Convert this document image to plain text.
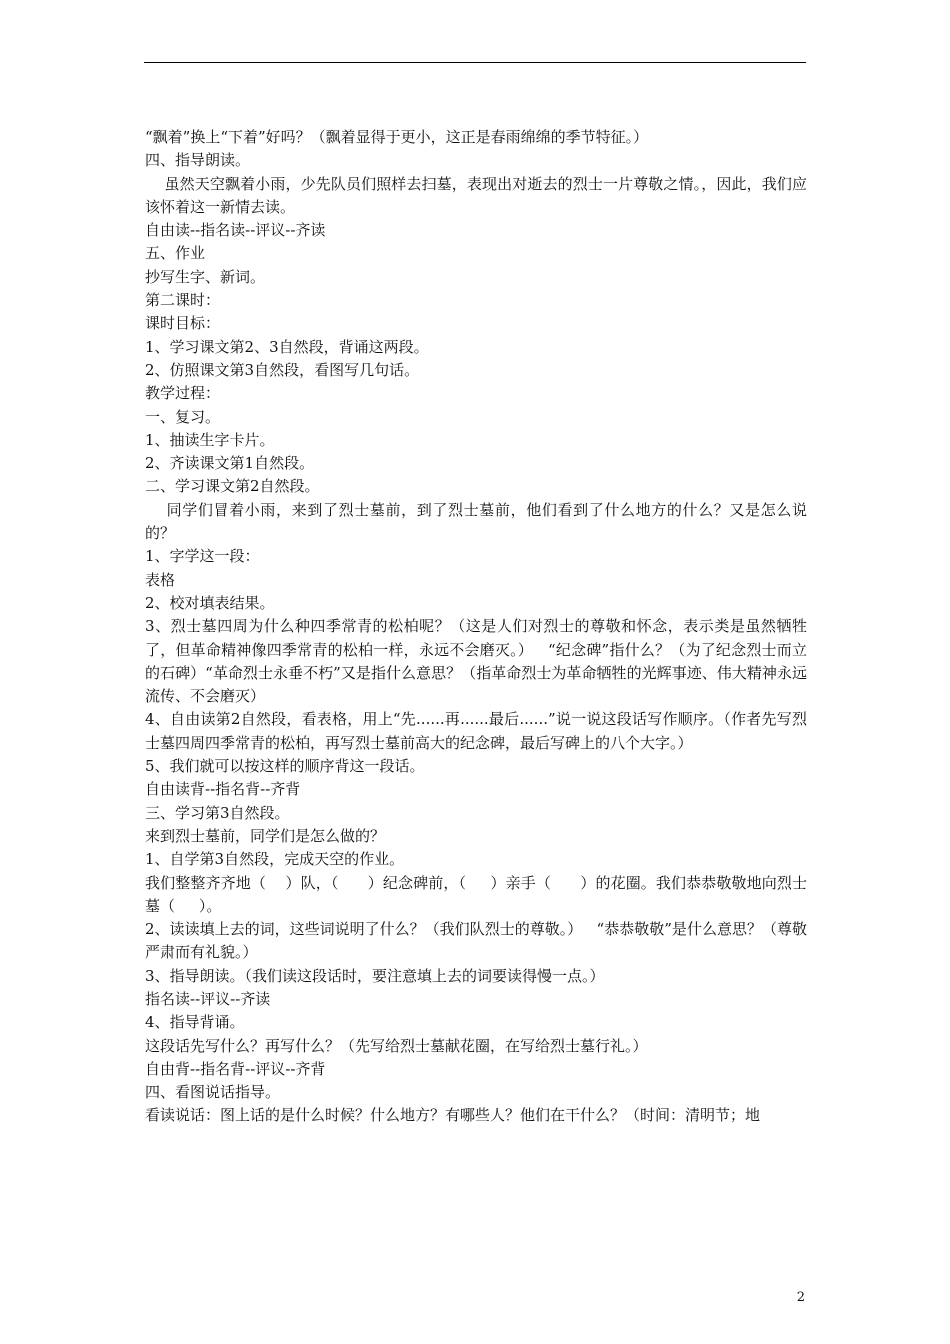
“飘着”换上“下着”好吗？（飘着显得于更小，这正是春雨绵绵的季节特征。）

四、指导朗读。

虽然天空飘着小雨，少先队员们照样去扫墓，表现出对逝去的烈士一片尊敬之情。，因此，我们应该怀着这一新情去读。

自由读--指名读--评议--齐读

五、作业

抄写生字、新词。

第二课时：

课时目标：

1、学习课文第2、3自然段，背诵这两段。

2、仿照课文第3自然段，看图写几句话。

教学过程：

一、复习。

1、抽读生字卡片。

2、齐读课文第1自然段。

二、学习课文第2自然段。

同学们冒着小雨，来到了烈士墓前，到了烈士墓前，他们看到了什么地方的什么？又是怎么说的？

1、字学这一段：

表格

2、校对填表结果。

3、烈士墓四周为什么种四季常青的松柏呢？（这是人们对烈士的尊敬和怀念，表示类是虽然牺牲了，但革命精神像四季常青的松柏一样，永远不会磨灭。）   “纪念碑”指什么？（为了纪念烈士而立的石碑）“革命烈士永垂不朽”又是指什么意思？（指革命烈士为革命牺牲的光辉事迹、伟大精神永远流传、不会磨灭）

4、自由读第2自然段，看表格，用上“先......再......最后......”说一说这段话写作顺序。（作者先写烈士墓四周四季常青的松柏，再写烈士墓前高大的纪念碑，最后写碑上的八个大字。）

5、我们就可以按这样的顺序背这一段话。

自由读背--指名背--齐背

三、学习第3自然段。

来到烈士墓前，同学们是怎么做的？

1、自学第3自然段，完成天空的作业。

我们整整齐齐地（    ）队，（      ）纪念碑前，（     ）亲手（      ）的花圈。我们恭恭敬敬地向烈士墓（     ）。

2、读读填上去的词，这些词说明了什么？（我们队烈士的尊敬。）   “恭恭敬敬”是什么意思？（尊敬严肃而有礼貌。）

3、指导朗读。（我们读这段话时，要注意填上去的词要读得慢一点。）

指名读--评议--齐读

4、指导背诵。

这段话先写什么？再写什么？（先写给烈士墓献花圈，在写给烈士墓行礼。）

自由背--指名背--评议--齐背

四、看图说话指导。

看读说话：图上话的是什么时候？什么地方？有哪些人？他们在干什么？（时间：清明节；地

2
